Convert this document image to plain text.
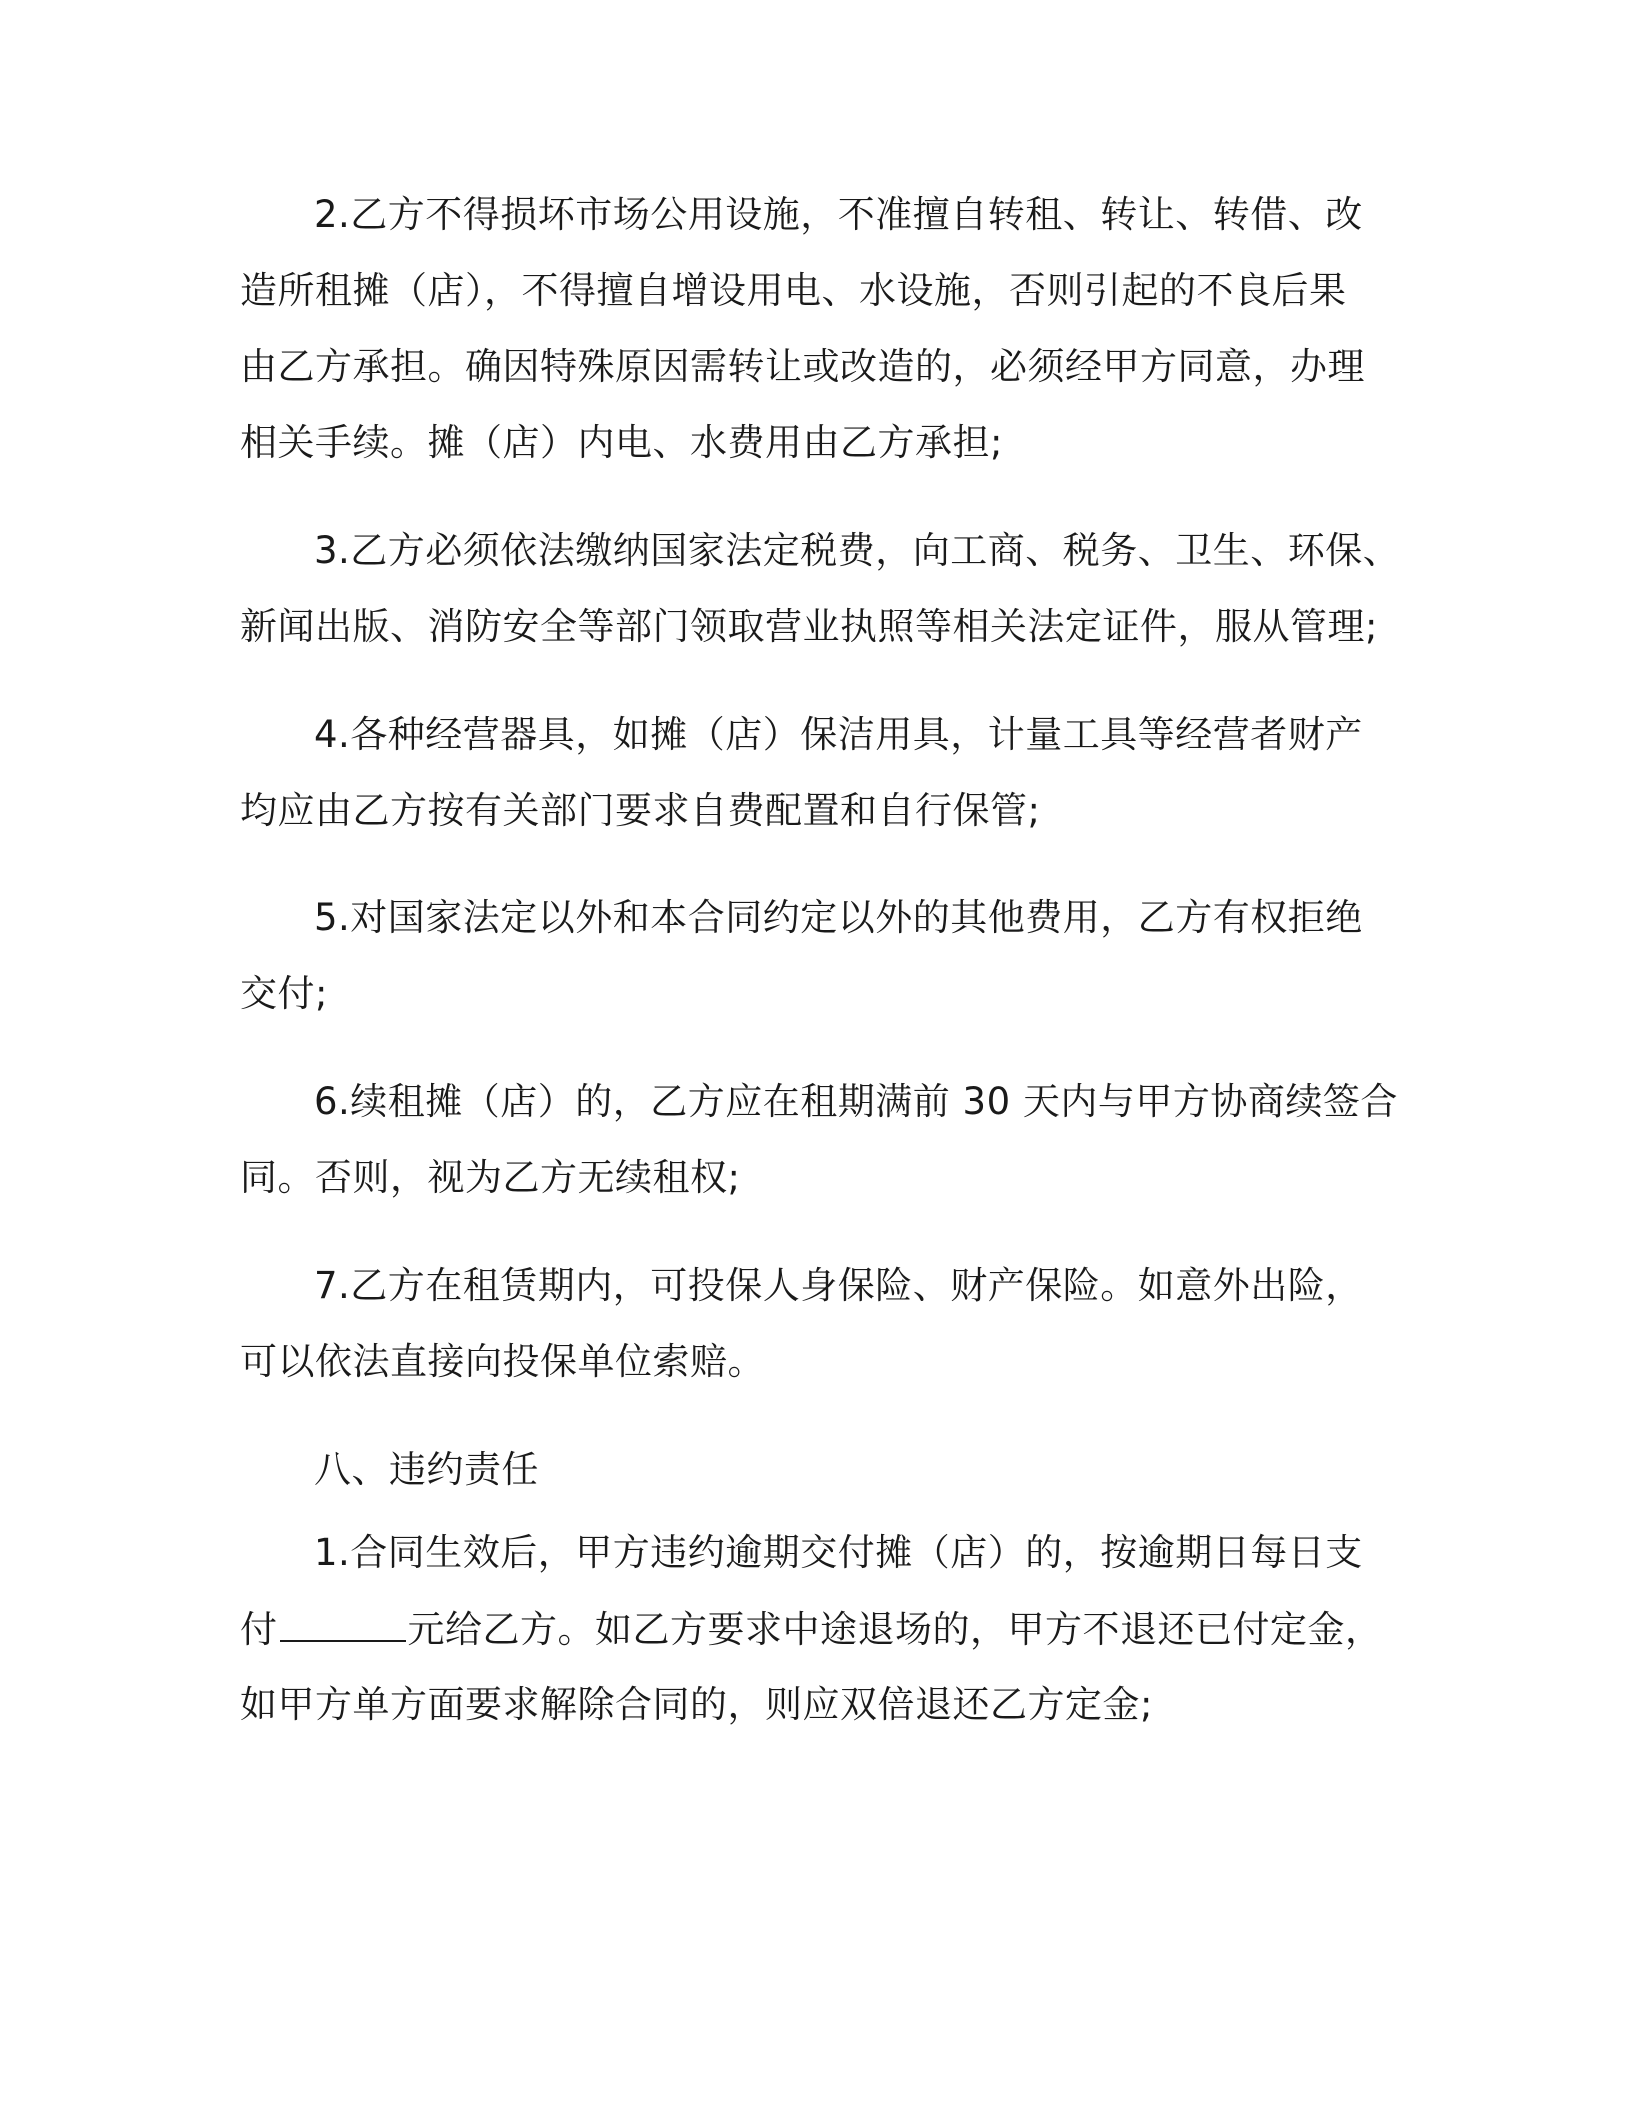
2.乙方不得损坏市场公用设施，不准擅自转租、转让、转借、改
造所租摊（店），不得擅自增设用电、水设施，否则引起的不良后果
由乙方承担。确因特殊原因需转让或改造的，必须经甲方同意，办理
相关手续。摊（店）内电、水费用由乙方承担;
3.乙方必须依法缴纳国家法定税费，向工商、税务、卫生、环保、
新闻出版、消防安全等部门领取营业执照等相关法定证件，服从管理;
4.各种经营器具，如摊（店）保洁用具，计量工具等经营者财产
均应由乙方按有关部门要求自费配置和自行保管;
5.对国家法定以外和本合同约定以外的其他费用，乙方有权拒绝
交付;
6.续租摊（店）的，乙方应在租期满前 30 天内与甲方协商续签合
同。否则，视为乙方无续租权;
7.乙方在租赁期内，可投保人身保险、财产保险。如意外出险，
可以依法直接向投保单位索赔。
八、违约责任
1.合同生效后，甲方违约逾期交付摊（店）的，按逾期日每日支
付	元给乙方。如乙方要求中途退场的，甲方不退还已付定金，
如甲方单方面要求解除合同的，则应双倍退还乙方定金;
